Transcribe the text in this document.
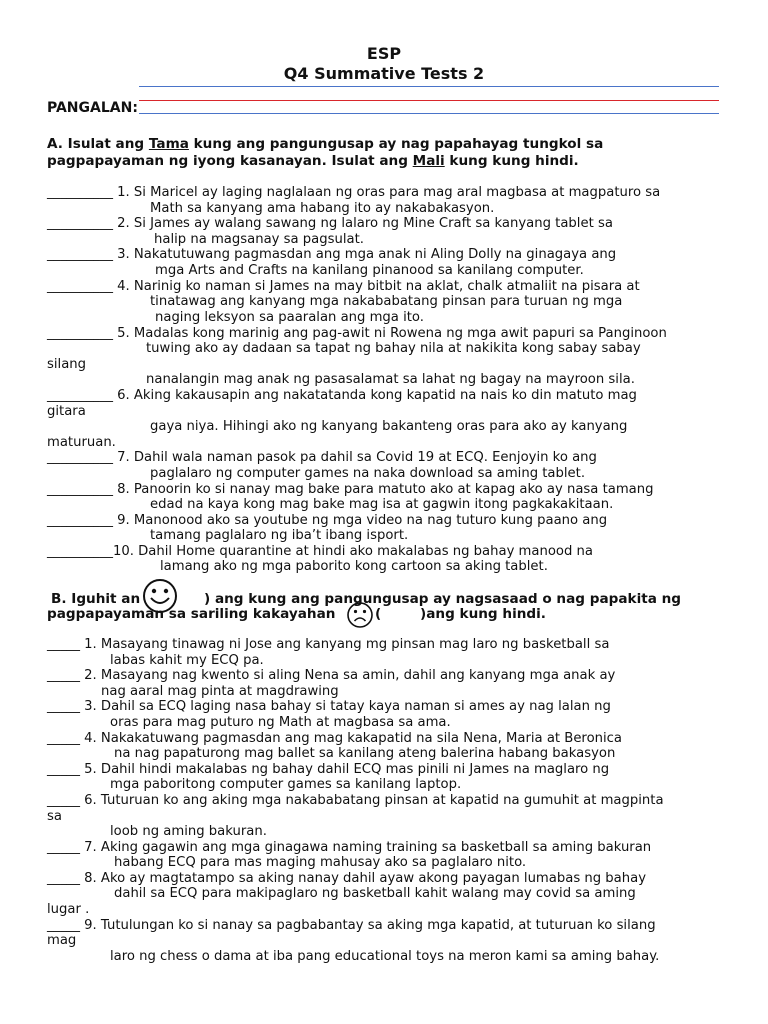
ESP
Q4 Summative Tests 2
PANGALAN:
A. Isulat ang Tama kung ang pangungusap ay nag papahayag tungkol sa
pagpapayaman ng iyong kasanayan. Isulat ang Mali kung kung hindi.
__________ 1. Si Maricel ay laging naglalaan ng oras para mag aral magbasa at magpaturo sa
Math sa kanyang ama habang ito ay nakabakasyon.
__________ 2. Si James ay walang sawang ng lalaro ng Mine Craft sa kanyang tablet sa
halip na magsanay sa pagsulat.
__________ 3. Nakatutuwang pagmasdan ang mga anak ni Aling Dolly na ginagaya ang
mga Arts and Crafts na kanilang pinanood sa kanilang computer.
__________ 4. Narinig ko naman si James na may bitbit na aklat, chalk atmaliit na pisara at
tinatawag ang kanyang mga nakababatang pinsan para turuan ng mga
naging leksyon sa paaralan ang mga ito.
__________ 5. Madalas kong marinig ang pag-awit ni Rowena ng mga awit papuri sa Panginoon
tuwing ako ay dadaan sa tapat ng bahay nila at nakikita kong sabay sabay
silang
nanalangin mag anak ng pasasalamat sa lahat ng bagay na mayroon sila.
__________ 6. Aking kakausapin ang nakatatanda kong kapatid na nais ko din matuto mag
gitara
gaya niya. Hihingi ako ng kanyang bakanteng oras para ako ay kanyang
maturuan.
__________ 7. Dahil wala naman pasok pa dahil sa Covid 19 at ECQ. Eenjoyin ko ang
paglalaro ng computer games na naka download sa aming tablet.
__________ 8. Panoorin ko si nanay mag bake para matuto ako at kapag ako ay nasa tamang
edad na kaya kong mag bake mag isa at gagwin itong pagkakakitaan.
__________ 9. Manonood ako sa youtube ng mga video na nag tuturo kung paano ang
tamang paglalaro ng iba’t ibang isport.
__________10. Dahil Home quarantine at hindi ako makalabas ng bahay manood na
lamang ako ng mga paborito kong cartoon sa aking tablet.
B. Iguhit an	) ang kung ang pangungusap ay nagsasaad o nag papakita ng
pagpapayaman sa sariling kakayahan	(	)ang kung hindi.
_____ 1. Masayang tinawag ni Jose ang kanyang mg pinsan mag laro ng basketball sa
labas kahit my ECQ pa.
_____ 2. Masayang nag kwento si aling Nena sa amin, dahil ang kanyang mga anak ay
nag aaral mag pinta at magdrawing
_____ 3. Dahil sa ECQ laging nasa bahay si tatay kaya naman si ames ay nag lalan ng
oras para mag puturo ng Math at magbasa sa ama.
_____ 4. Nakakatuwang pagmasdan ang mag kakapatid na sila Nena, Maria at Beronica
na nag papaturong mag ballet sa kanilang ateng balerina habang bakasyon
_____ 5. Dahil hindi makalabas ng bahay dahil ECQ mas pinili ni James na maglaro ng
mga paboritong computer games sa kanilang laptop.
_____ 6. Tuturuan ko ang aking mga nakababatang pinsan at kapatid na gumuhit at magpinta
sa
loob ng aming bakuran.
_____ 7. Aking gagawin ang mga ginagawa naming training sa basketball sa aming bakuran
habang ECQ para mas maging mahusay ako sa paglalaro nito.
_____ 8. Ako ay magtatampo sa aking nanay dahil ayaw akong payagan lumabas ng bahay
dahil sa ECQ para makipaglaro ng basketball kahit walang may covid sa aming
lugar .
_____ 9. Tutulungan ko si nanay sa pagbabantay sa aking mga kapatid, at tuturuan ko silang
mag
laro ng chess o dama at iba pang educational toys na meron kami sa aming bahay.
